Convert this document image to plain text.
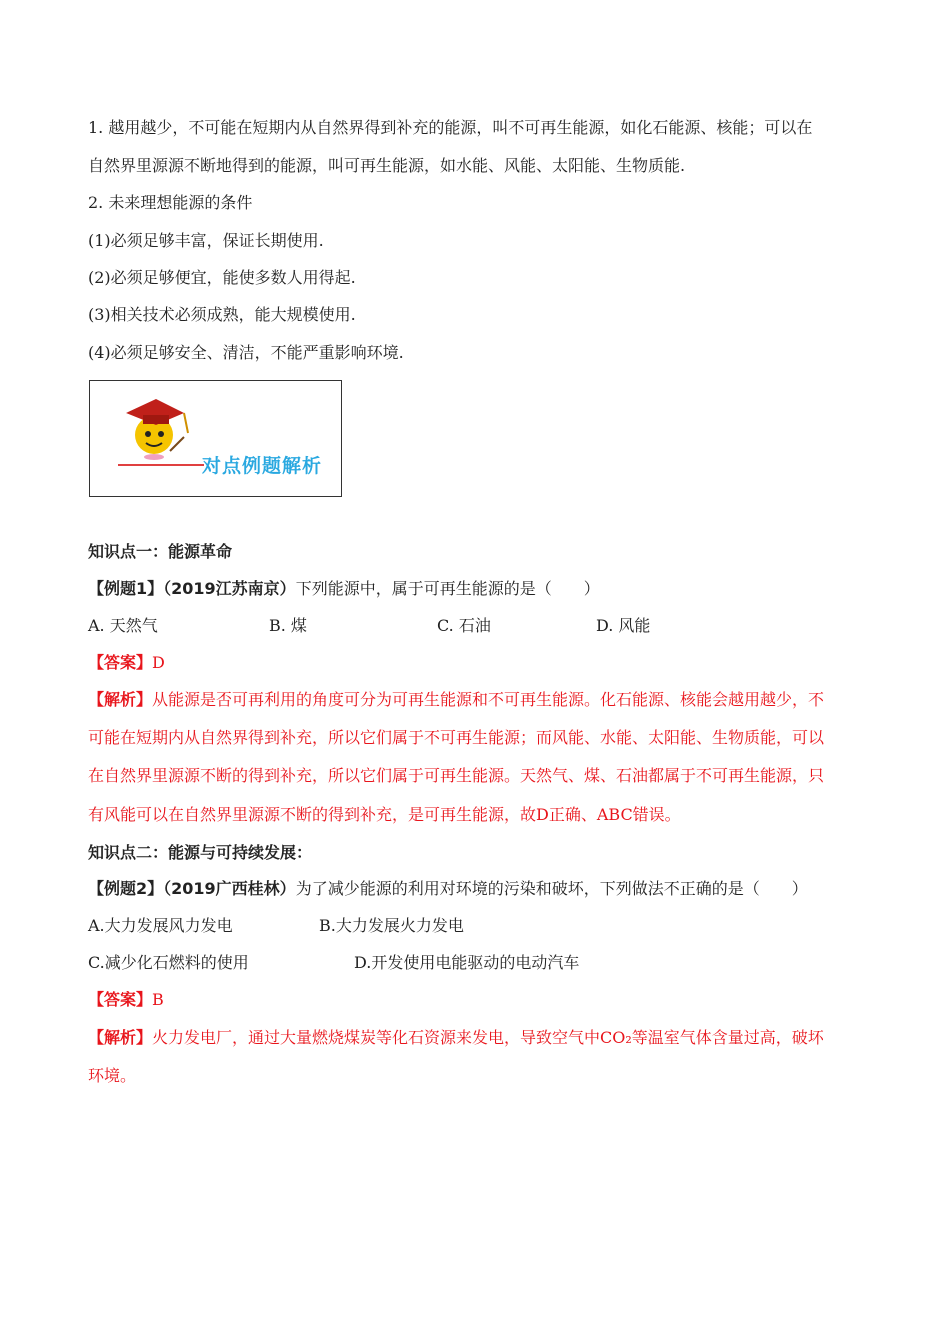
1. 越用越少，不可能在短期内从自然界得到补充的能源，叫不可再生能源，如化石能源、核能；可以在
自然界里源源不断地得到的能源，叫可再生能源，如水能、风能、太阳能、生物质能.
2. 未来理想能源的条件
(1)必须足够丰富，保证长期使用.
(2)必须足够便宜，能使多数人用得起.
(3)相关技术必须成熟，能大规模使用.
(4)必须足够安全、清洁，不能严重影响环境.
对点例题解析
知识点一：能源革命
【例题1】（2019江苏南京）下列能源中，属于可再生能源的是（　　）
A. 天然气	B. 煤	C. 石油	D. 风能
【答案】D
【解析】从能源是否可再利用的角度可分为可再生能源和不可再生能源。化石能源、核能会越用越少，不
可能在短期内从自然界得到补充，所以它们属于不可再生能源；而风能、水能、太阳能、生物质能，可以
在自然界里源源不断的得到补充，所以它们属于可再生能源。天然气、煤、石油都属于不可再生能源，只
有风能可以在自然界里源源不断的得到补充，是可再生能源，故D正确、ABC错误。
知识点二：能源与可持续发展：
【例题2】（2019广西桂林）为了减少能源的利用对环境的污染和破坏，下列做法不正确的是（　　）
A.大力发展风力发电	B.大力发展火力发电
C.减少化石燃料的使用	D.开发使用电能驱动的电动汽车
【答案】B
【解析】火力发电厂，通过大量燃烧煤炭等化石资源来发电，导致空气中CO₂等温室气体含量过高，破坏
环境。
